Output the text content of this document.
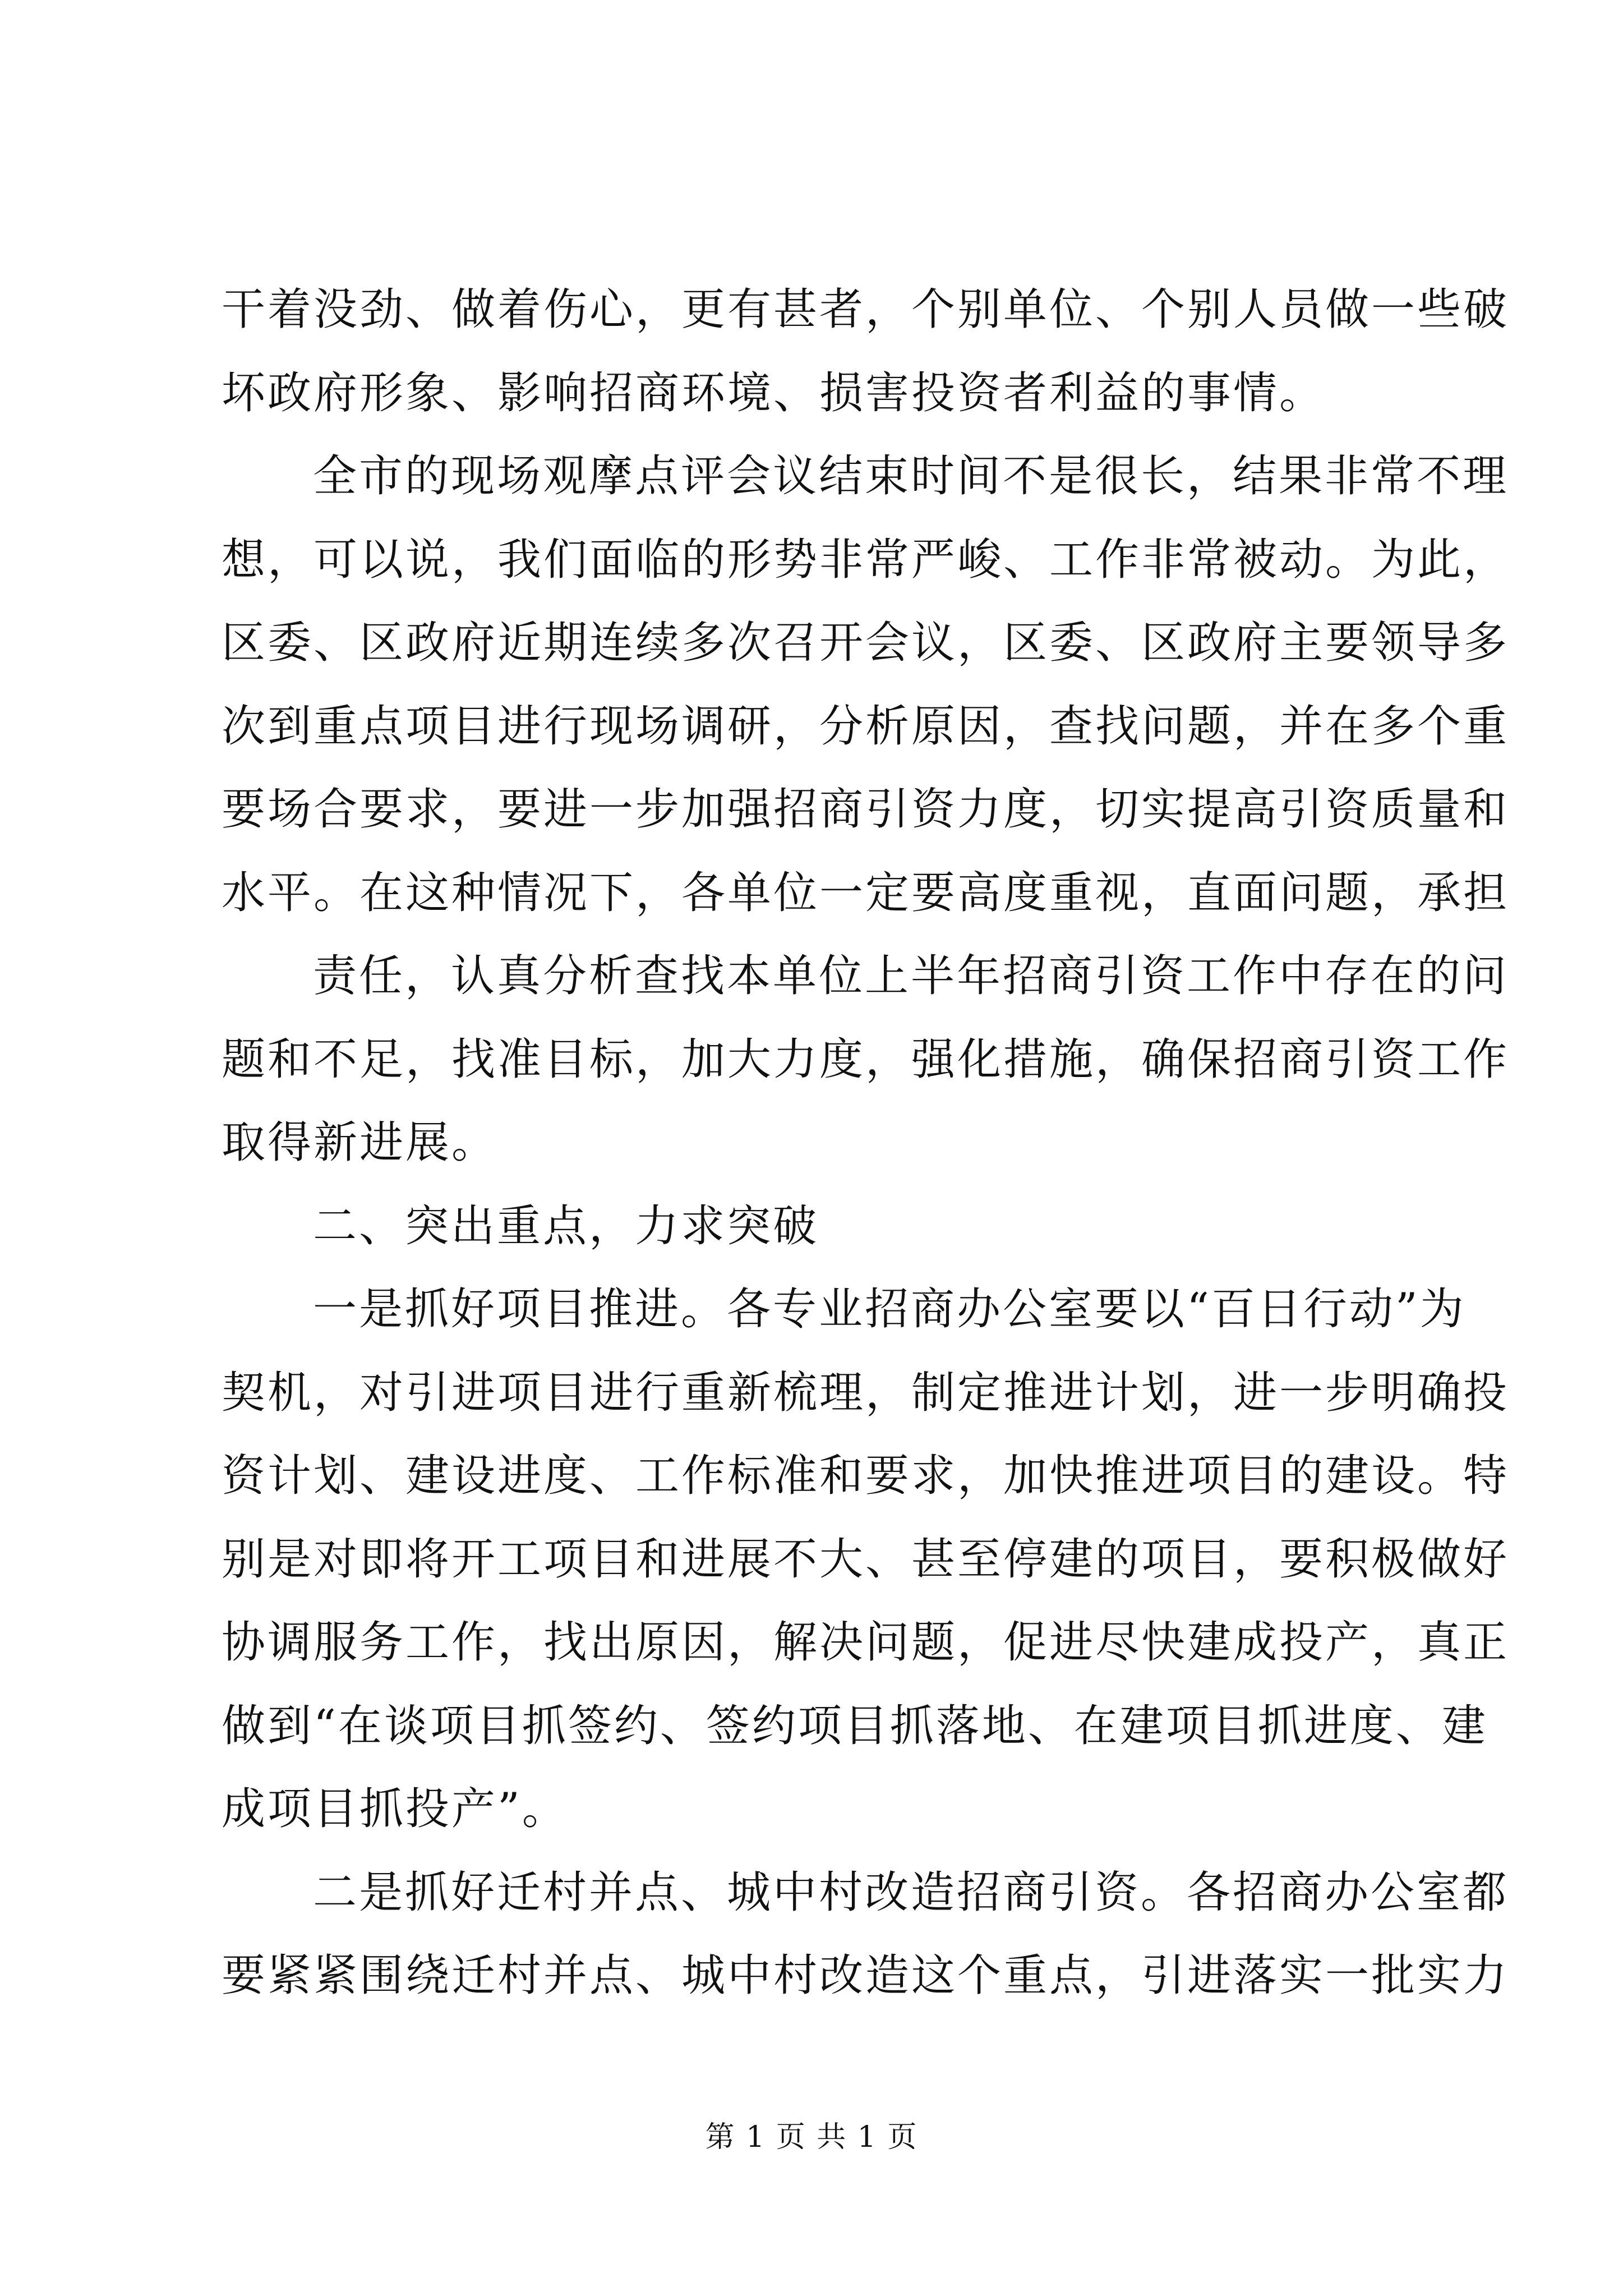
干着没劲、做着伤心，更有甚者，个别单位、个别人员做一些破
坏政府形象、影响招商环境、损害投资者利益的事情。
全市的现场观摩点评会议结束时间不是很长，结果非常不理
想，可以说，我们面临的形势非常严峻、工作非常被动。为此，
区委、区政府近期连续多次召开会议，区委、区政府主要领导多
次到重点项目进行现场调研，分析原因，查找问题，并在多个重
要场合要求，要进一步加强招商引资力度，切实提高引资质量和
水平。在这种情况下，各单位一定要高度重视，直面问题，承担
责任，认真分析查找本单位上半年招商引资工作中存在的问
题和不足，找准目标，加大力度，强化措施，确保招商引资工作
取得新进展。
二、突出重点，力求突破
一是抓好项目推进。各专业招商办公室要以“百日行动”为
契机，对引进项目进行重新梳理，制定推进计划，进一步明确投
资计划、建设进度、工作标准和要求，加快推进项目的建设。特
别是对即将开工项目和进展不大、甚至停建的项目，要积极做好
协调服务工作，找出原因，解决问题，促进尽快建成投产，真正
做到“在谈项目抓签约、签约项目抓落地、在建项目抓进度、建
成项目抓投产”。
二是抓好迁村并点、城中村改造招商引资。各招商办公室都
要紧紧围绕迁村并点、城中村改造这个重点，引进落实一批实力
第 1 页 共 1 页
